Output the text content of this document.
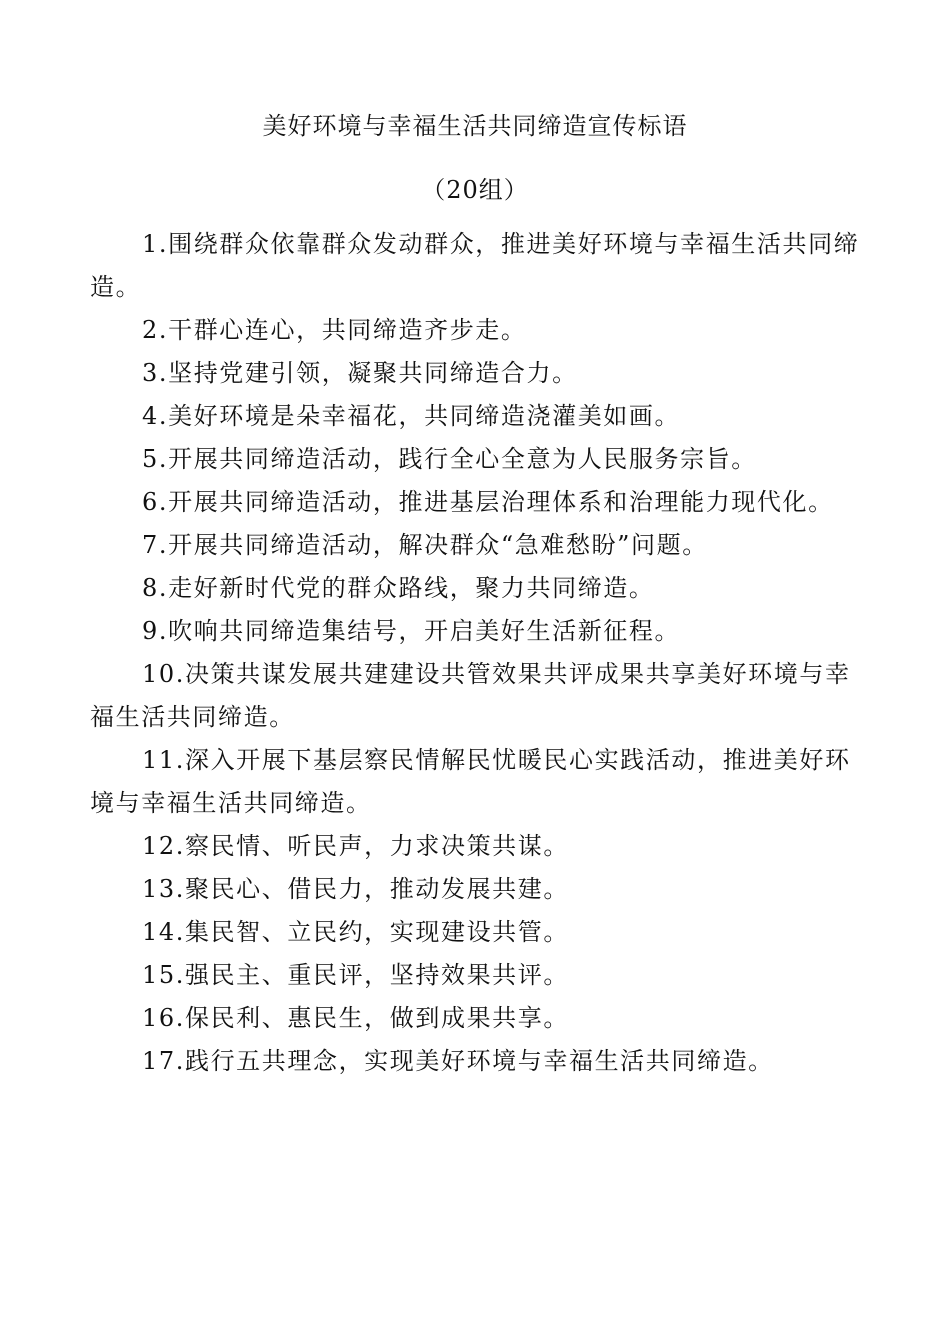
美好环境与幸福生活共同缔造宣传标语
（20组）
1.围绕群众依靠群众发动群众，推进美好环境与幸福生活共同缔造。
2.干群心连心，共同缔造齐步走。
3.坚持党建引领，凝聚共同缔造合力。
4.美好环境是朵幸福花，共同缔造浇灌美如画。
5.开展共同缔造活动，践行全心全意为人民服务宗旨。
6.开展共同缔造活动，推进基层治理体系和治理能力现代化。
7.开展共同缔造活动，解决群众“急难愁盼”问题。
8.走好新时代党的群众路线，聚力共同缔造。
9.吹响共同缔造集结号，开启美好生活新征程。
10.决策共谋发展共建建设共管效果共评成果共享美好环境与幸福生活共同缔造。
11.深入开展下基层察民情解民忧暖民心实践活动，推进美好环境与幸福生活共同缔造。
12.察民情、听民声，力求决策共谋。
13.聚民心、借民力，推动发展共建。
14.集民智、立民约，实现建设共管。
15.强民主、重民评，坚持效果共评。
16.保民利、惠民生，做到成果共享。
17.践行五共理念，实现美好环境与幸福生活共同缔造。
